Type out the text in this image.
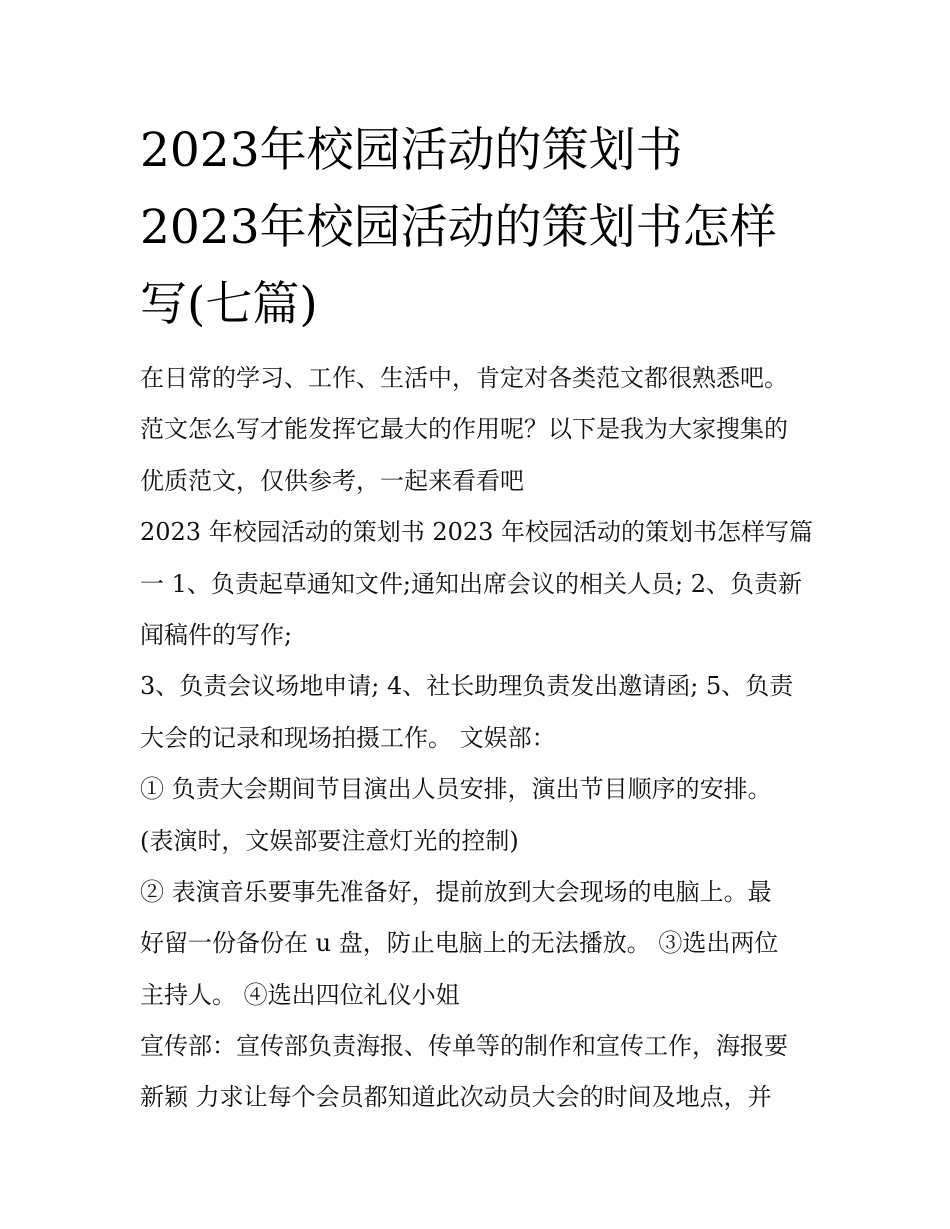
2023年校园活动的策划书
2023年校园活动的策划书怎样
写(七篇)
在日常的学习、工作、生活中，肯定对各类范文都很熟悉吧。
范文怎么写才能发挥它最大的作用呢？以下是我为大家搜集的
优质范文，仅供参考，一起来看看吧
2023 年校园活动的策划书 2023 年校园活动的策划书怎样写篇
一 1、负责起草通知文件;通知出席会议的相关人员; 2、负责新
闻稿件的写作;
3、负责会议场地申请; 4、社长助理负责发出邀请函; 5、负责
大会的记录和现场拍摄工作。 文娱部：
① 负责大会期间节目演出人员安排，演出节目顺序的安排。
(表演时，文娱部要注意灯光的控制)
② 表演音乐要事先准备好，提前放到大会现场的电脑上。最
好留一份备份在 u 盘，防止电脑上的无法播放。 ③选出两位
主持人。 ④选出四位礼仪小姐
宣传部：宣传部负责海报、传单等的制作和宣传工作，海报要
新颖 力求让每个会员都知道此次动员大会的时间及地点，并
